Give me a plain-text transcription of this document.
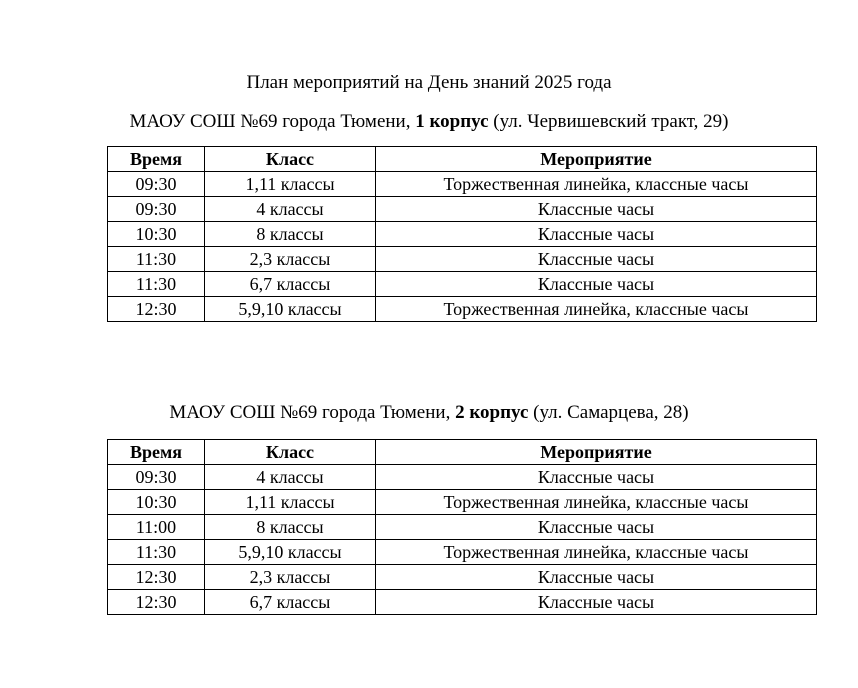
План мероприятий на День знаний 2025 года
МАОУ СОШ №69 города Тюмени, 1 корпус (ул. Червишевский тракт, 29)
Время	Класс	Мероприятие
09:30	1,11 классы	Торжественная линейка, классные часы
09:30	4 классы	Классные часы
10:30	8 классы	Классные часы
11:30	2,3 классы	Классные часы
11:30	6,7 классы	Классные часы
12:30	5,9,10 классы	Торжественная линейка, классные часы
МАОУ СОШ №69 города Тюмени, 2 корпус (ул. Самарцева, 28)
Время	Класс	Мероприятие
09:30	4 классы	Классные часы
10:30	1,11 классы	Торжественная линейка, классные часы
11:00	8 классы	Классные часы
11:30	5,9,10 классы	Торжественная линейка, классные часы
12:30	2,3 классы	Классные часы
12:30	6,7 классы	Классные часы
